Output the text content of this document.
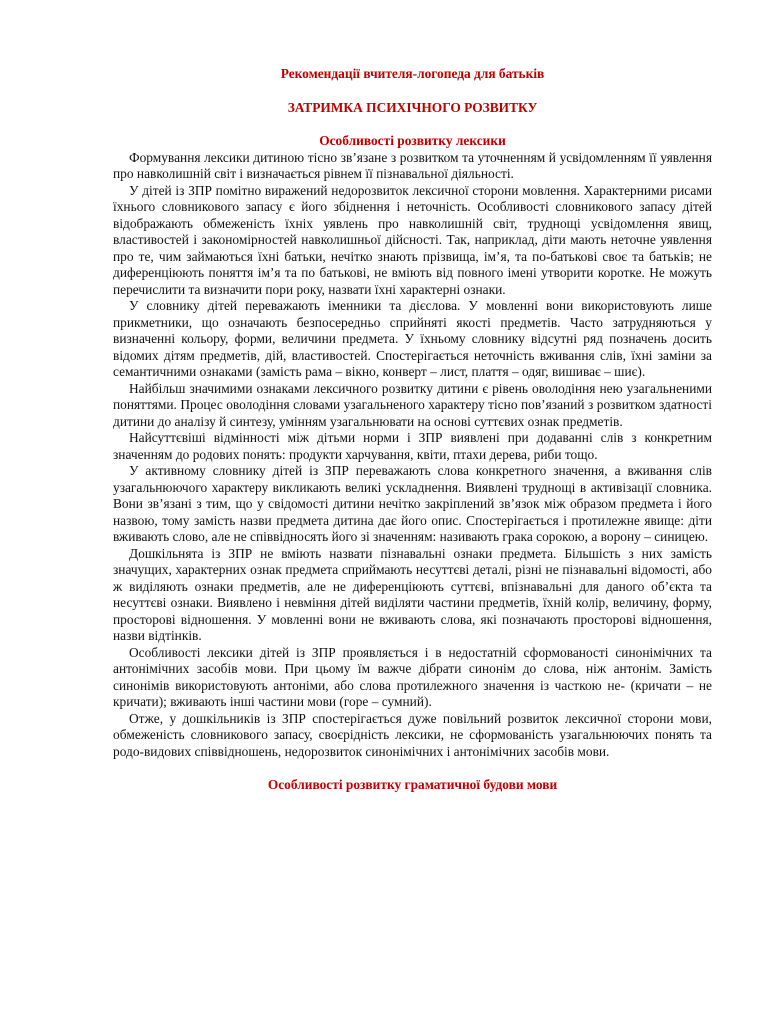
Рекомендації вчителя-логопеда для батьків

ЗАТРИМКА ПСИХІЧНОГО РОЗВИТКУ

Особливості розвитку лексики

Формування лексики дитиною тісно зв’язане з розвитком та уточненням й усвідомленням її уявлення про навколишній світ і визначається рівнем її пізнавальної діяльності.

У дітей із ЗПР помітно виражений недорозвиток лексичної сторони мовлення. Характерними рисами їхнього словникового запасу є його збіднення і неточність. Особливості словникового запасу дітей відображають обмеженість їхніх уявлень про навколишній світ, труднощі усвідомлення явищ, властивостей і закономірностей навколишньої дійсності. Так, наприклад, діти мають неточне уявлення про те, чим займаються їхні батьки, нечітко знають прізвища, ім’я, та по-батькові своє та батьків; не диференціюють поняття ім’я та по батькові, не вміють від повного імені утворити коротке. Не можуть перечислити та визначити пори року, назвати їхні характерні ознаки.

У словнику дітей переважають іменники та дієслова. У мовленні вони використовують лише прикметники, що означають безпосередньо сприйняті якості предметів. Часто затрудняються у визначенні кольору, форми, величини предмета. У їхньому словнику відсутні ряд позначень досить відомих дітям предметів, дій, властивостей. Спостерігається неточність вживання слів, їхні заміни за семантичними ознаками (замість рама – вікно, конверт – лист, плаття – одяг, вишиває – шиє).

Найбільш значимими ознаками лексичного розвитку дитини є рівень оволодіння нею узагальненими поняттями. Процес оволодіння словами узагальненого характеру тісно пов’язаний з розвитком здатності дитини до аналізу й синтезу, умінням узагальнювати на основі суттєвих ознак предметів.

Найсуттєвіші відмінності між дітьми норми і ЗПР виявлені при додаванні слів з конкретним значенням до родових понять: продукти харчування, квіти, птахи дерева, риби тощо.

У активному словнику дітей із ЗПР переважають слова конкретного значення, а вживання слів узагальнюючого характеру викликають великі ускладнення. Виявлені труднощі в активізації словника. Вони зв’язані з тим, що у свідомості дитини нечітко закріплений зв’язок між образом предмета і його назвою, тому замість назви предмета дитина дає його опис. Спостерігається і протилежне явище: діти вживають слово, але не співвідносять його зі значенням: називають грака сорокою, а ворону – синицею.

Дошкільнята із ЗПР не вміють назвати пізнавальні ознаки предмета. Більшість з них замість значущих, характерних ознак предмета сприймають несуттєві деталі, різні не пізнавальні відомості, або ж виділяють ознаки предметів, але не диференціюють суттєві, впізнавальні для даного об’єкта та несуттєві ознаки. Виявлено і невміння дітей виділяти частини предметів, їхній колір, величину, форму, просторові відношення. У мовленні вони не вживають слова, які позначають просторові відношення, назви відтінків.

Особливості лексики дітей із ЗПР проявляється і в недостатній сформованості синонімічних та антонімічних засобів мови. При цьому їм важче дібрати синонім до слова, ніж антонім. Замість синонімів використовують антоніми, або слова протилежного значення із часткою не- (кричати – не кричати); вживають інші частини мови (горе – сумний).

Отже, у дошкільників із ЗПР спостерігається дуже повільний розвиток лексичної сторони мови, обмеженість словникового запасу, своєрідність лексики, не сформованість узагальнюючих понять та родо-видових співвідношень, недорозвиток синонімічних і антонімічних засобів мови.

Особливості розвитку граматичної будови мови
